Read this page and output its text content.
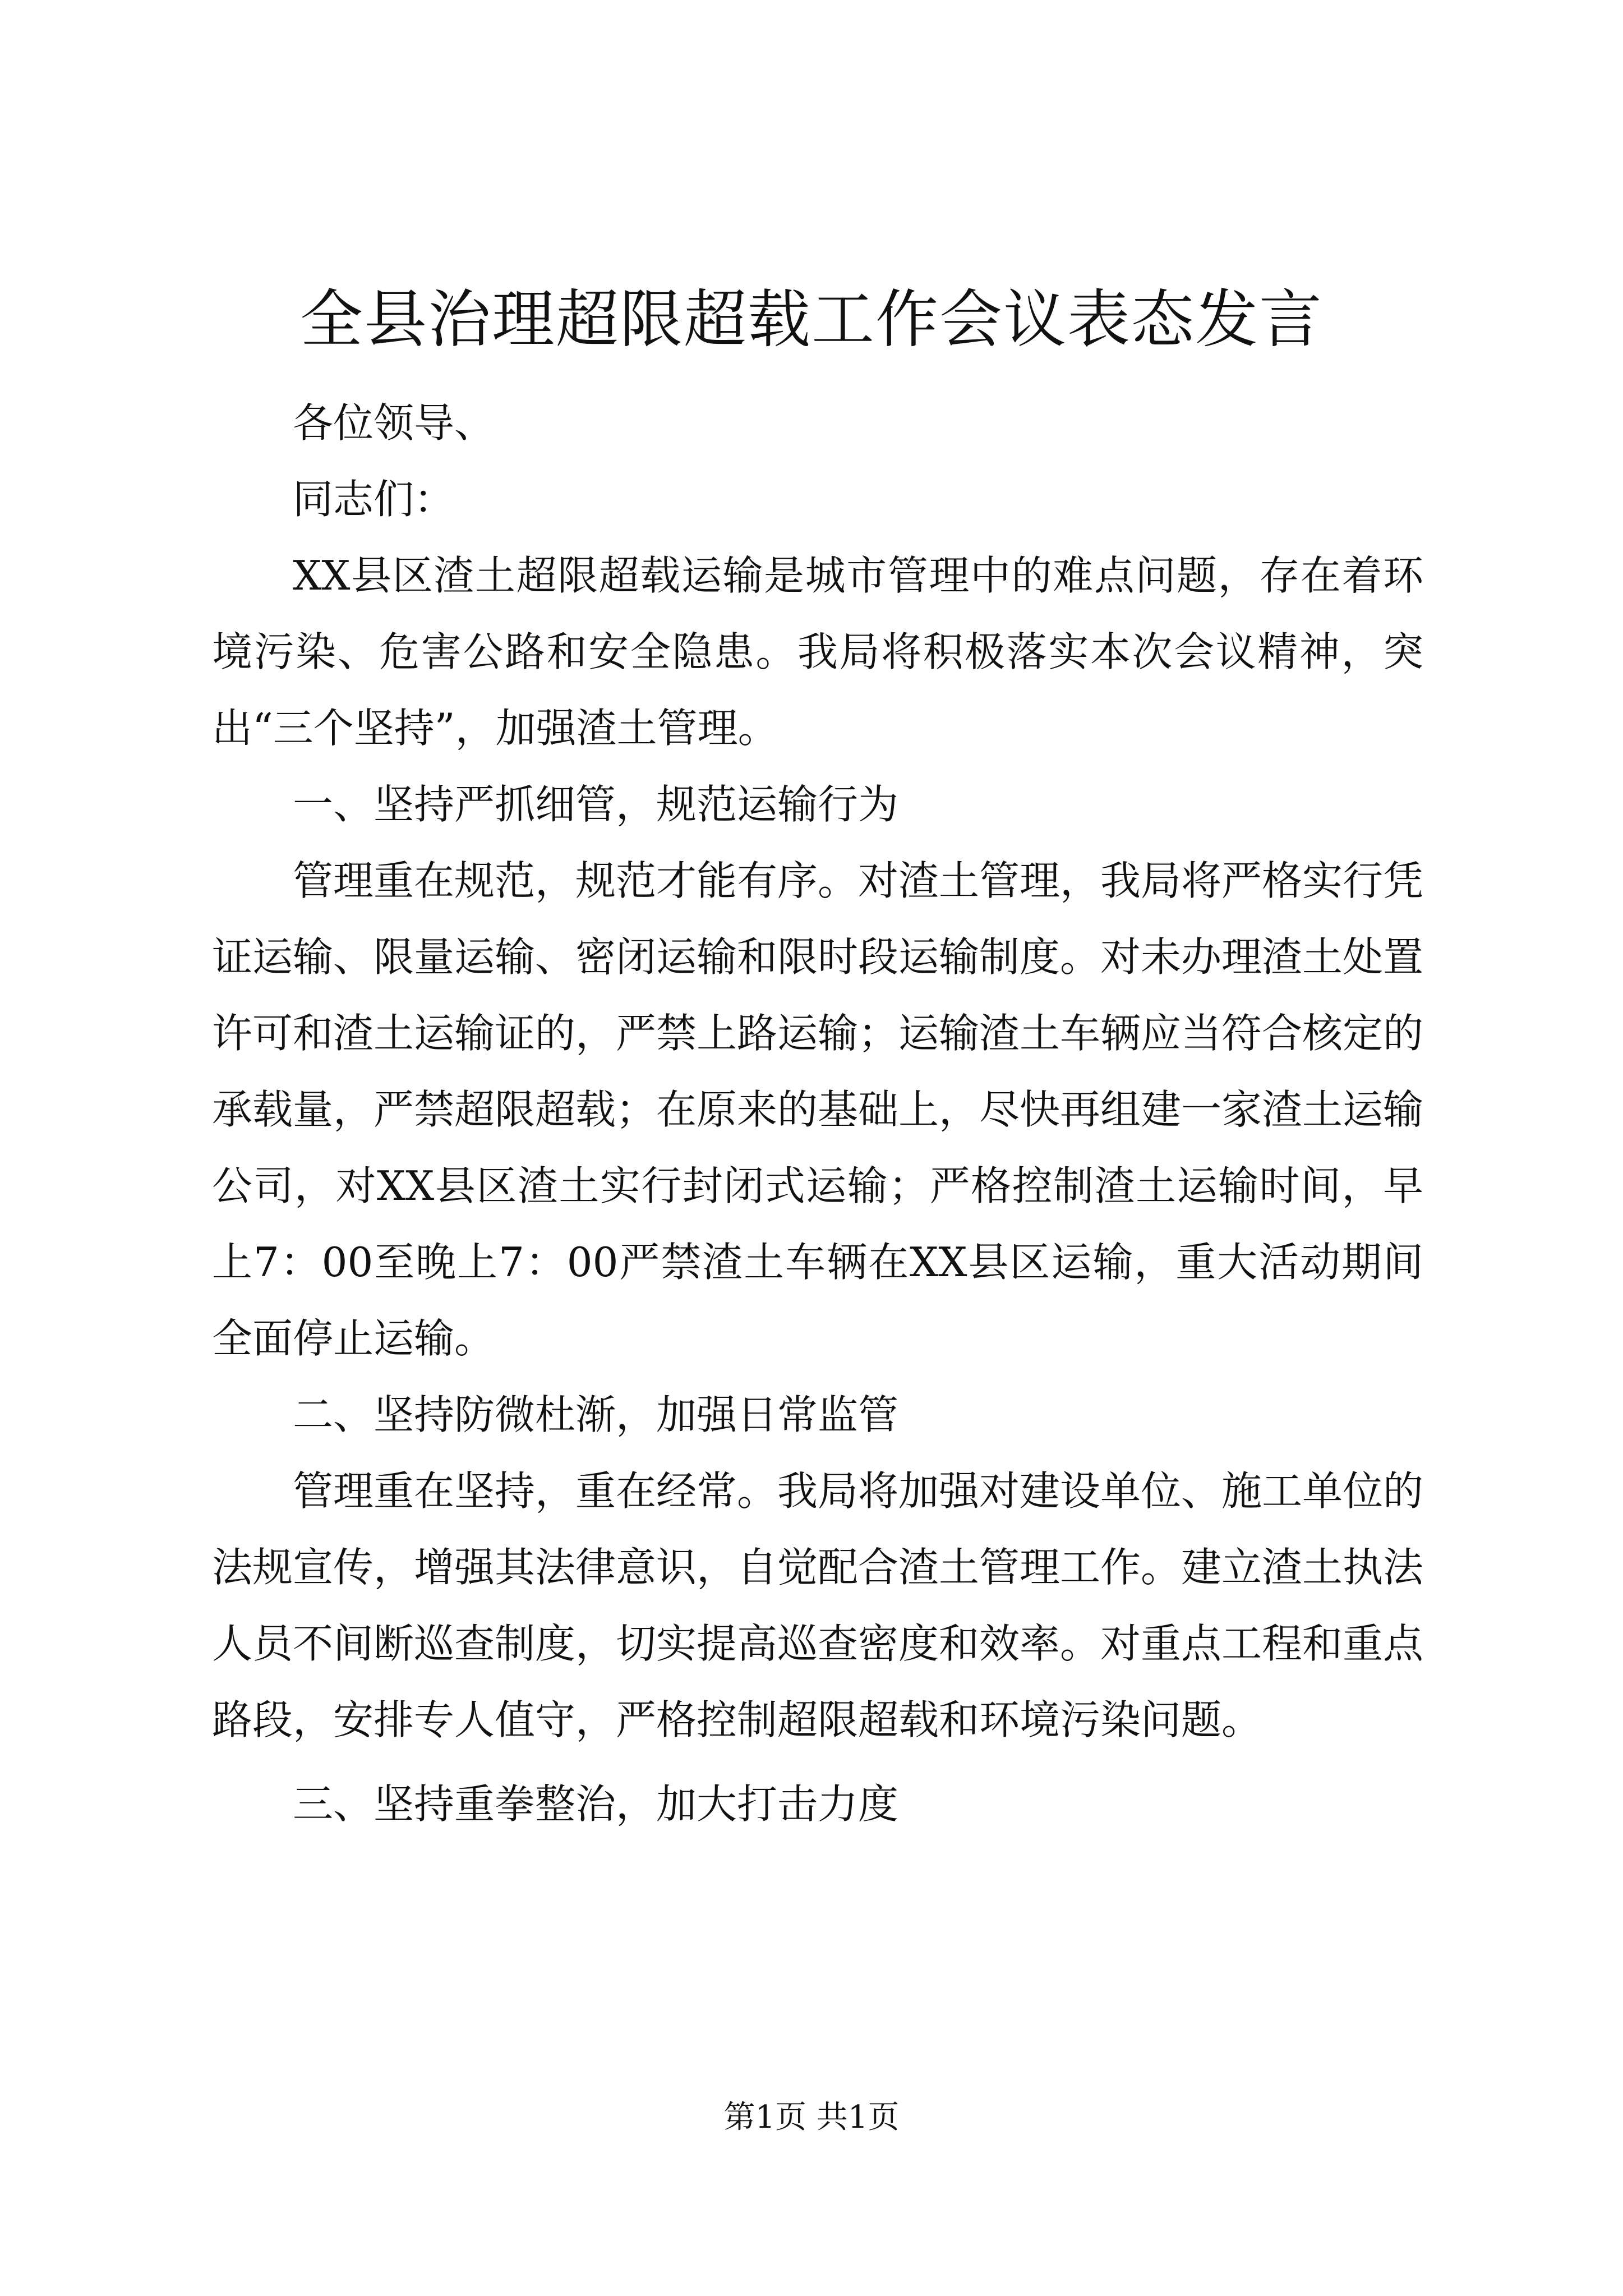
全县治理超限超载工作会议表态发言

各位领导、

同志们：

XX县区渣土超限超载运输是城市管理中的难点问题，存在着环境污染、危害公路和安全隐患。我局将积极落实本次会议精神，突出“三个坚持”，加强渣土管理。

一、坚持严抓细管，规范运输行为

管理重在规范，规范才能有序。对渣土管理，我局将严格实行凭证运输、限量运输、密闭运输和限时段运输制度。对未办理渣土处置许可和渣土运输证的，严禁上路运输；运输渣土车辆应当符合核定的承载量，严禁超限超载；在原来的基础上，尽快再组建一家渣土运输公司，对XX县区渣土实行封闭式运输；严格控制渣土运输时间，早上7：00至晚上7：00严禁渣土车辆在XX县区运输，重大活动期间全面停止运输。

二、坚持防微杜渐，加强日常监管

管理重在坚持，重在经常。我局将加强对建设单位、施工单位的法规宣传，增强其法律意识，自觉配合渣土管理工作。建立渣土执法人员不间断巡查制度，切实提高巡查密度和效率。对重点工程和重点路段，安排专人值守，严格控制超限超载和环境污染问题。

三、坚持重拳整治，加大打击力度

第1页 共1页
